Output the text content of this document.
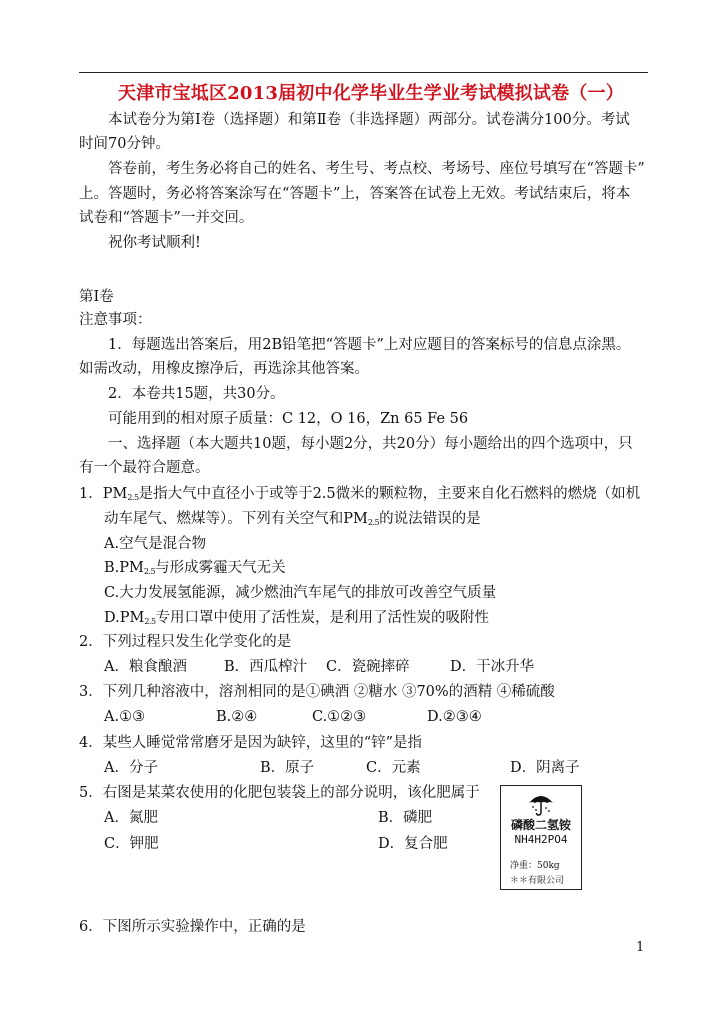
天津市宝坻区2013届初中化学毕业生学业考试模拟试卷（一）
本试卷分为第Ⅰ卷（选择题）和第Ⅱ卷（非选择题）两部分。试卷满分100分。考试
时间70分钟。
答卷前，考生务必将自己的姓名、考生号、考点校、考场号、座位号填写在“答题卡”
上。答题时，务必将答案涂写在“答题卡”上，答案答在试卷上无效。考试结束后，将本
试卷和“答题卡”一并交回。
祝你考试顺利!
第Ⅰ卷
注意事项：
1．每题选出答案后，用2B铅笔把“答题卡”上对应题目的答案标号的信息点涂黑。
如需改动，用橡皮擦净后，再选涂其他答案。
2．本卷共15题，共30分。
可能用到的相对原子质量：C 12，O 16，Zn 65 Fe 56
一、选择题（本大题共10题，每小题2分，共20分）每小题给出的四个选项中，只
有一个最符合题意。
1．$PM_{2.5}$是指大气中直径小于或等于2.5微米的颗粒物，主要来自化石燃料的燃烧（如机
动车尾气、燃煤等）。下列有关空气和$PM_{2.5}$的说法错误的是
A.空气是混合物
$B.PM_{2.5}$与形成雾霾天气无关
C.大力发展氢能源，减少燃油汽车尾气的排放可改善空气质量
$D.PM_{2.5}$专用口罩中使用了活性炭，是利用了活性炭的吸附性
2．下列过程只发生化学变化的是
A．粮食酿酒	B．西瓜榨汁 C．瓷碗摔碎	D．干冰升华
3．下列几种溶液中，溶剂相同的是①碘酒 ②糖水 ③70%的酒精 ④稀硫酸
A.①③	B.②④	C.①②③	D.②③④
4．某些人睡觉常常磨牙是因为缺锌，这里的“锌”是指
A．分子	B．原子	C．元素	D．阴离子
5．右图是某菜农使用的化肥包装袋上的部分说明，该化肥属于
A．氮肥	B．磷肥
C．钾肥	D．复合肥
磷酸二氢铵
NH4H2PO4
净重：50kg
＊＊有限公司
6．下图所示实验操作中，正确的是
1
